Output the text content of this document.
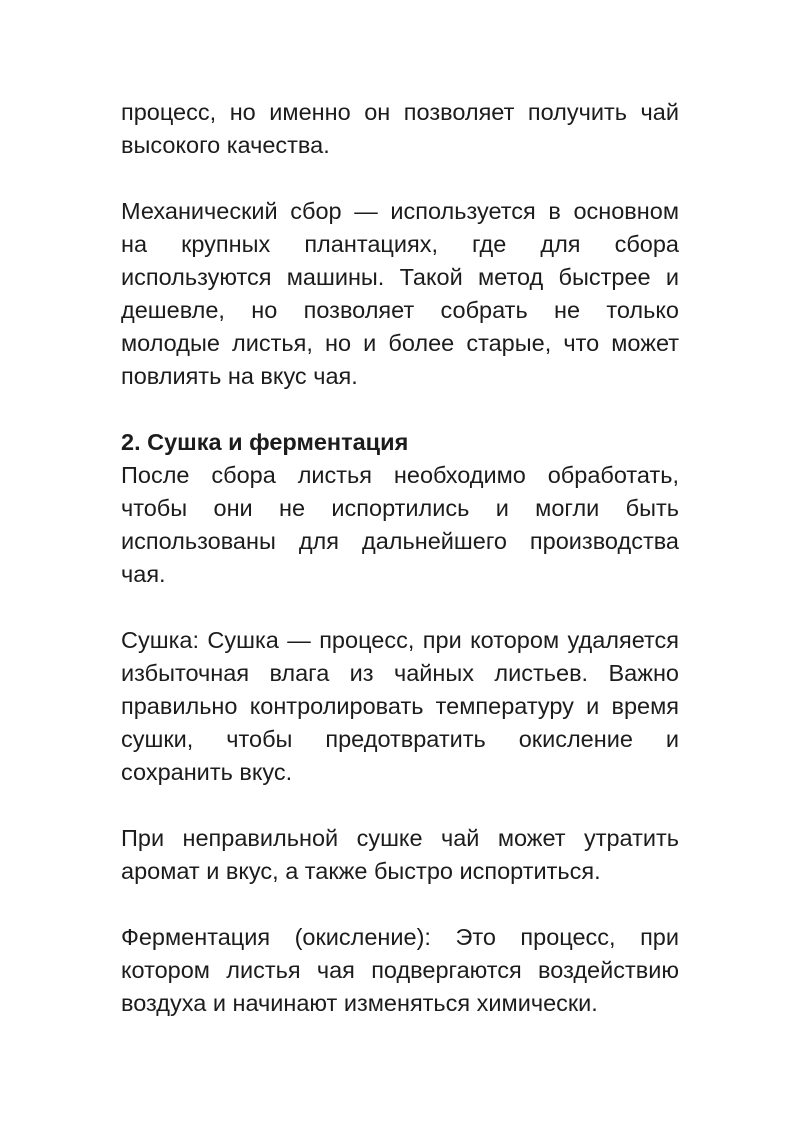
процесс, но именно он позволяет получить чай высокого качества.

Механический сбор — используется в основном на крупных плантациях, где для сбора используются машины. Такой метод быстрее и дешевле, но позволяет собрать не только молодые листья, но и более старые, что может повлиять на вкус чая.

2. Сушка и ферментация

После сбора листья необходимо обработать, чтобы они не испортились и могли быть использованы для дальнейшего производства чая.

Сушка: Сушка — процесс, при котором удаляется избыточная влага из чайных листьев. Важно правильно контролировать температуру и время сушки, чтобы предотвратить окисление и сохранить вкус.

При неправильной сушке чай может утратить аромат и вкус, а также быстро испортиться.

Ферментация (окисление): Это процесс, при котором листья чая подвергаются воздействию воздуха и начинают изменяться химически.
